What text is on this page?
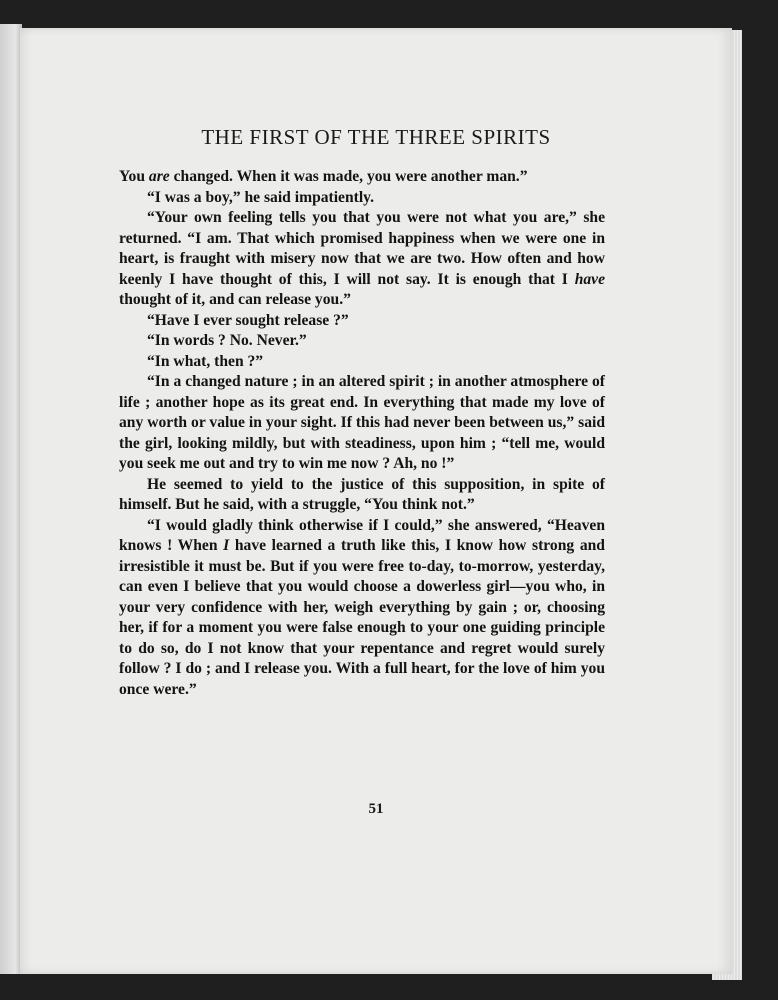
THE FIRST OF THE THREE SPIRITS

You are changed. When it was made, you were another man.”

“I was a boy,” he said impatiently.

“Your own feeling tells you that you were not what you are,” she returned. “I am. That which promised happiness when we were one in heart, is fraught with misery now that we are two. How often and how keenly I have thought of this, I will not say. It is enough that I have thought of it, and can release you.”

“Have I ever sought release ?”

“In words ? No. Never.”

“In what, then ?”

“In a changed nature ; in an altered spirit ; in another atmosphere of life ; another hope as its great end. In everything that made my love of any worth or value in your sight. If this had never been between us,” said the girl, looking mildly, but with steadiness, upon him ; “tell me, would you seek me out and try to win me now ? Ah, no !”

He seemed to yield to the justice of this supposition, in spite of himself. But he said, with a struggle, “You think not.”

“I would gladly think otherwise if I could,” she answered, “Heaven knows ! When I have learned a truth like this, I know how strong and irresistible it must be. But if you were free to-day, to-morrow, yesterday, can even I believe that you would choose a dowerless girl—you who, in your very confidence with her, weigh everything by gain ; or, choosing her, if for a moment you were false enough to your one guiding principle to do so, do I not know that your repentance and regret would surely follow ? I do ; and I release you. With a full heart, for the love of him you once were.”

51
